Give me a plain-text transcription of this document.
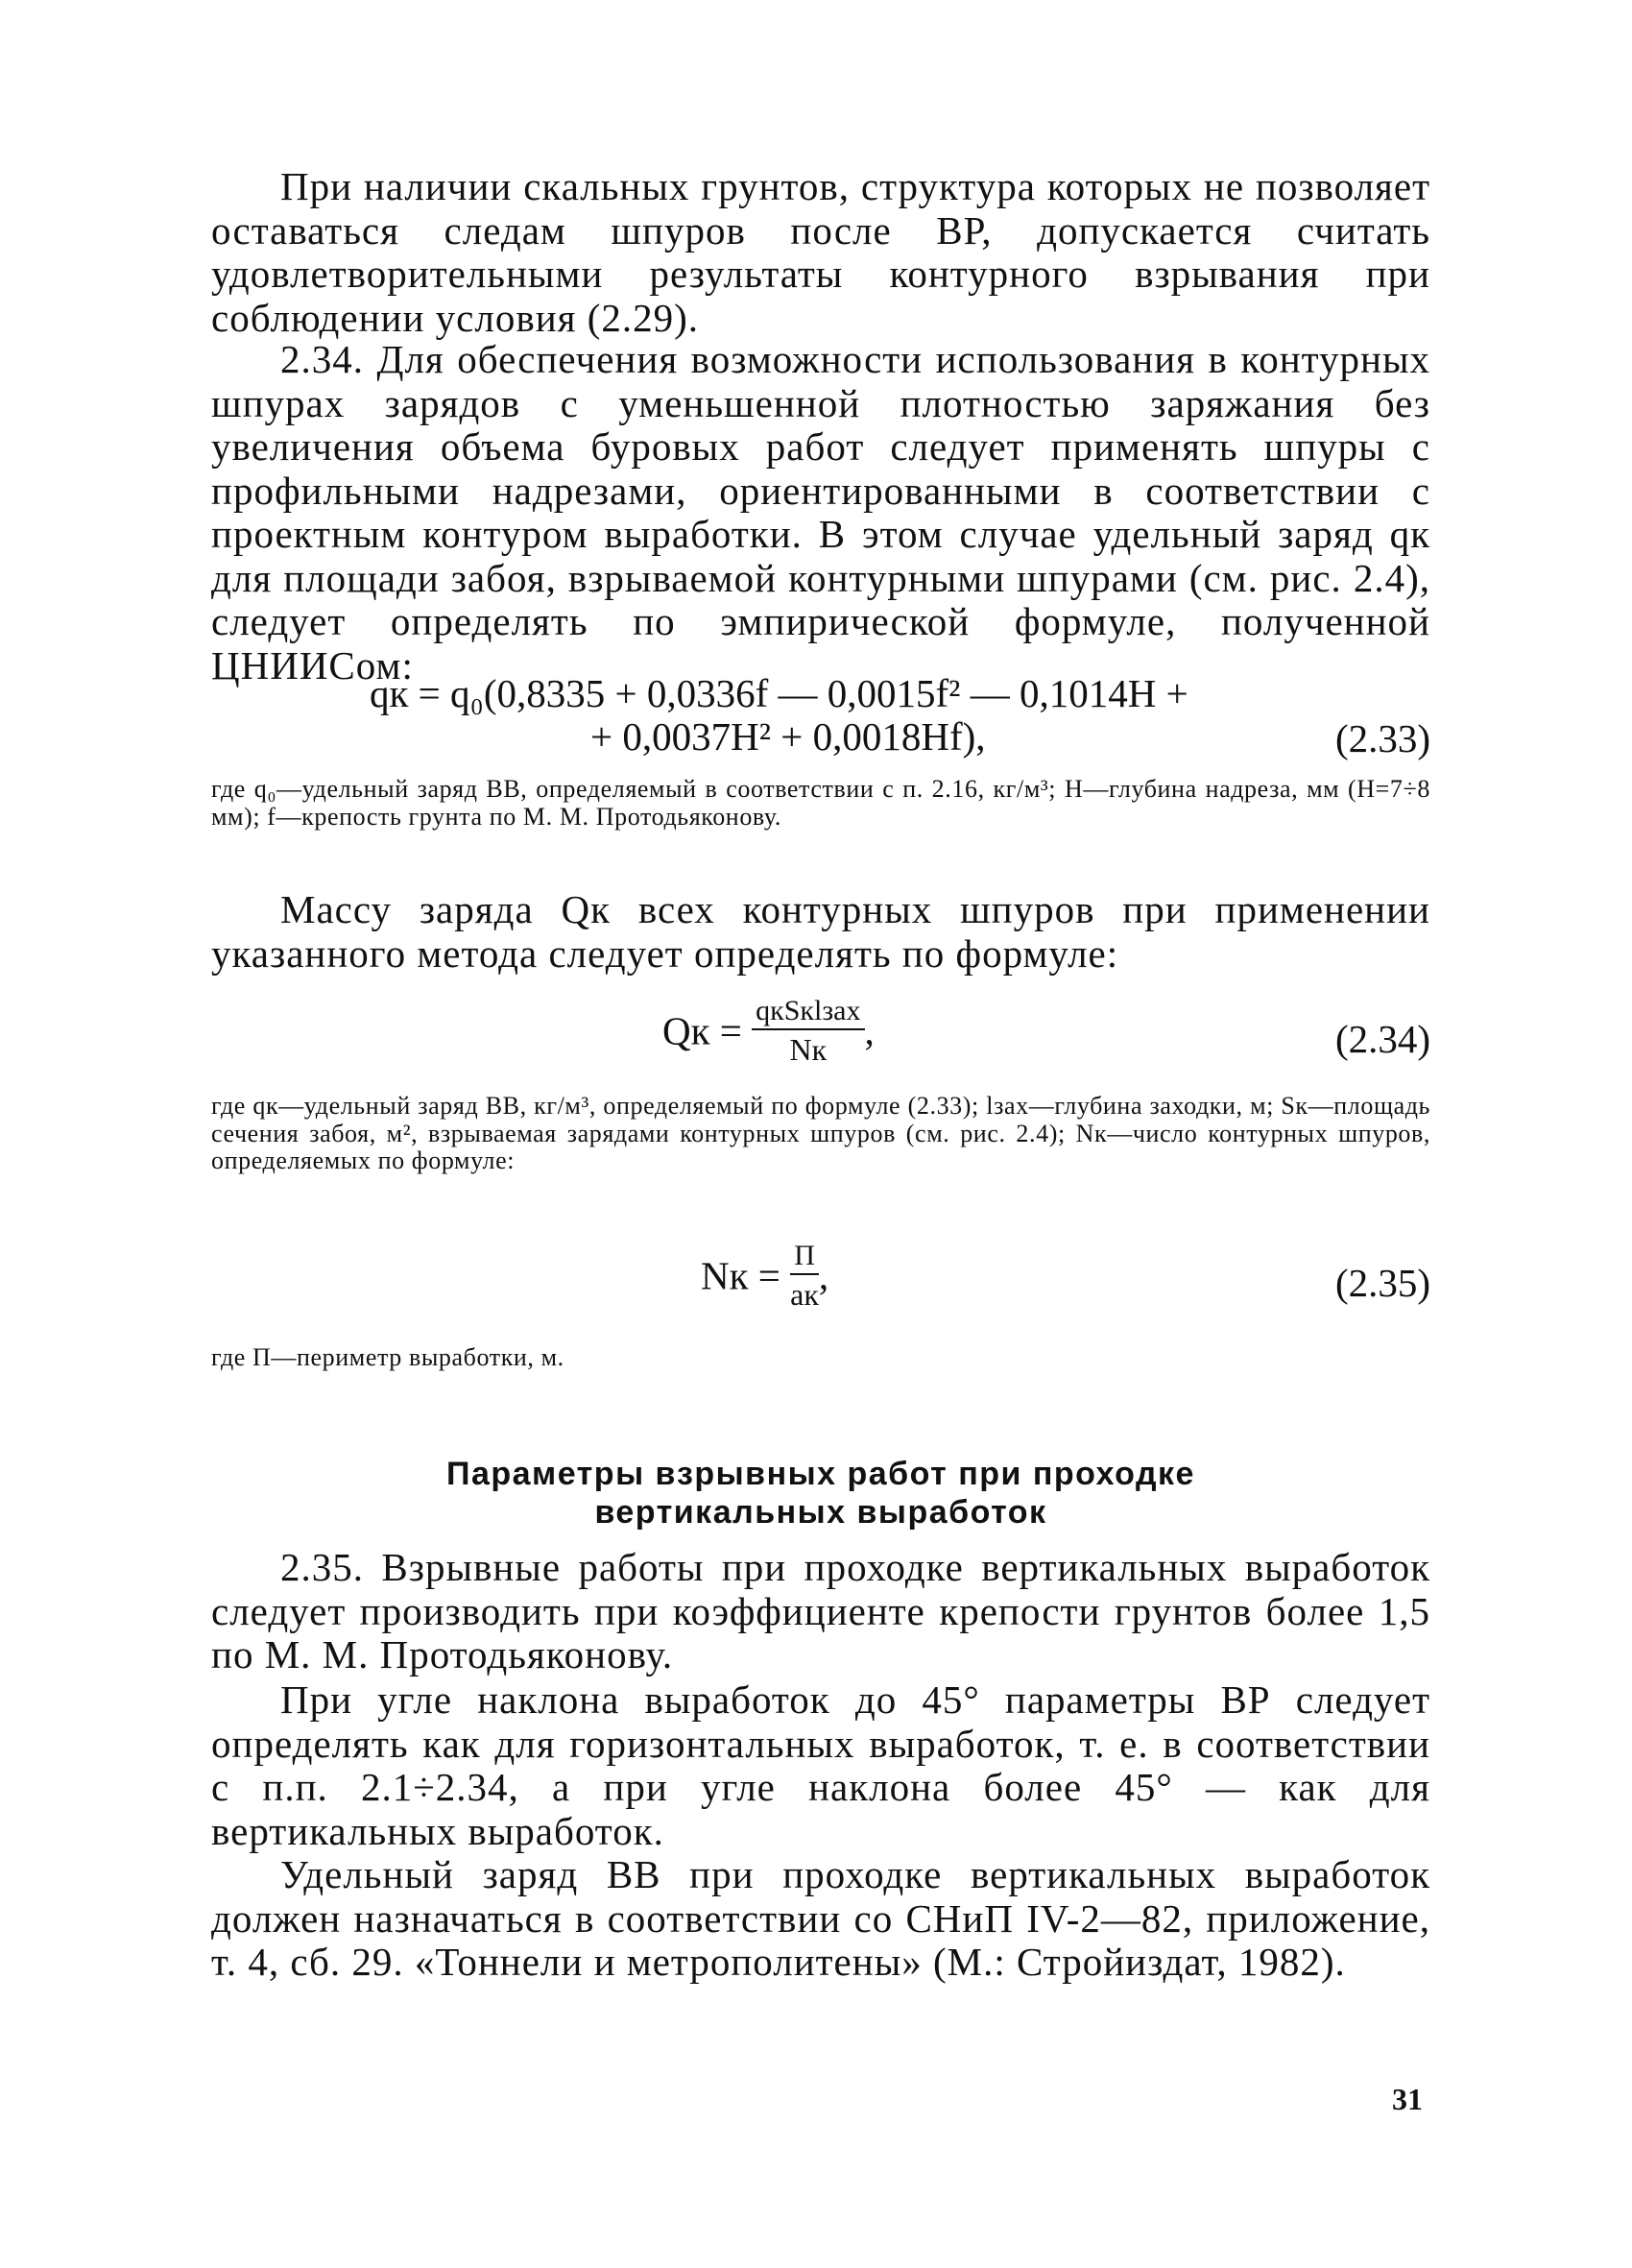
При наличии скальных грунтов, структура которых не позволяет оставаться следам шпуров после ВР, допускается считать удовлетворительными результаты контурного взрывания при соблюдении условия (2.29).

2.34. Для обеспечения возможности использования в контурных шпурах зарядов с уменьшенной плотностью заряжания без увеличения объема буровых работ следует применять шпуры с профильными надрезами, ориентированными в соответствии с проектным контуром выработки. В этом случае удельный заряд qк для площади забоя, взрываемой контурными шпурами (см. рис. 2.4), следует определять по эмпирической формуле, полученной ЦНИИСом:

qк = q₀(0,8335 + 0,0336f — 0,0015f² — 0,1014H +
+ 0,0037H² + 0,0018Hf),	(2.33)

где q₀—удельный заряд ВВ, определяемый в соответствии с п. 2.16, кг/м³; H—глубина надреза, мм (H=7÷8 мм); f—крепость грунта по М. М. Протодьяконову.

Массу заряда Qк всех контурных шпуров при применении указанного метода следует определять по формуле:

Qк = $\frac{\text{qкSкlзах}}{Nк}$ ,	(2.34)

где qк—удельный заряд ВВ, кг/м³, определяемый по формуле (2.33); lзах—глубина заходки, м; Sк—площадь сечения забоя, м², взрываемая зарядами контурных шпуров (см. рис. 2.4); Nк—число контурных шпуров, определяемых по формуле:

Nк = $\frac{П}{aк}$ ,	(2.35)

где П—периметр выработки, м.

Параметры взрывных работ при проходке
вертикальных выработок

2.35. Взрывные работы при проходке вертикальных выработок следует производить при коэффициенте крепости грунтов более 1,5 по М. М. Протодьяконову.

При угле наклона выработок до 45° параметры ВР следует определять как для горизонтальных выработок, т. е. в соответствии с п.п. 2.1÷2.34, а при угле наклона более 45° — как для вертикальных выработок.

Удельный заряд ВВ при проходке вертикальных выработок должен назначаться в соответствии со СНиП IV-2—82, приложение, т. 4, сб. 29. «Тоннели и метрополитены» (М.: Стройиздат, 1982).

31
